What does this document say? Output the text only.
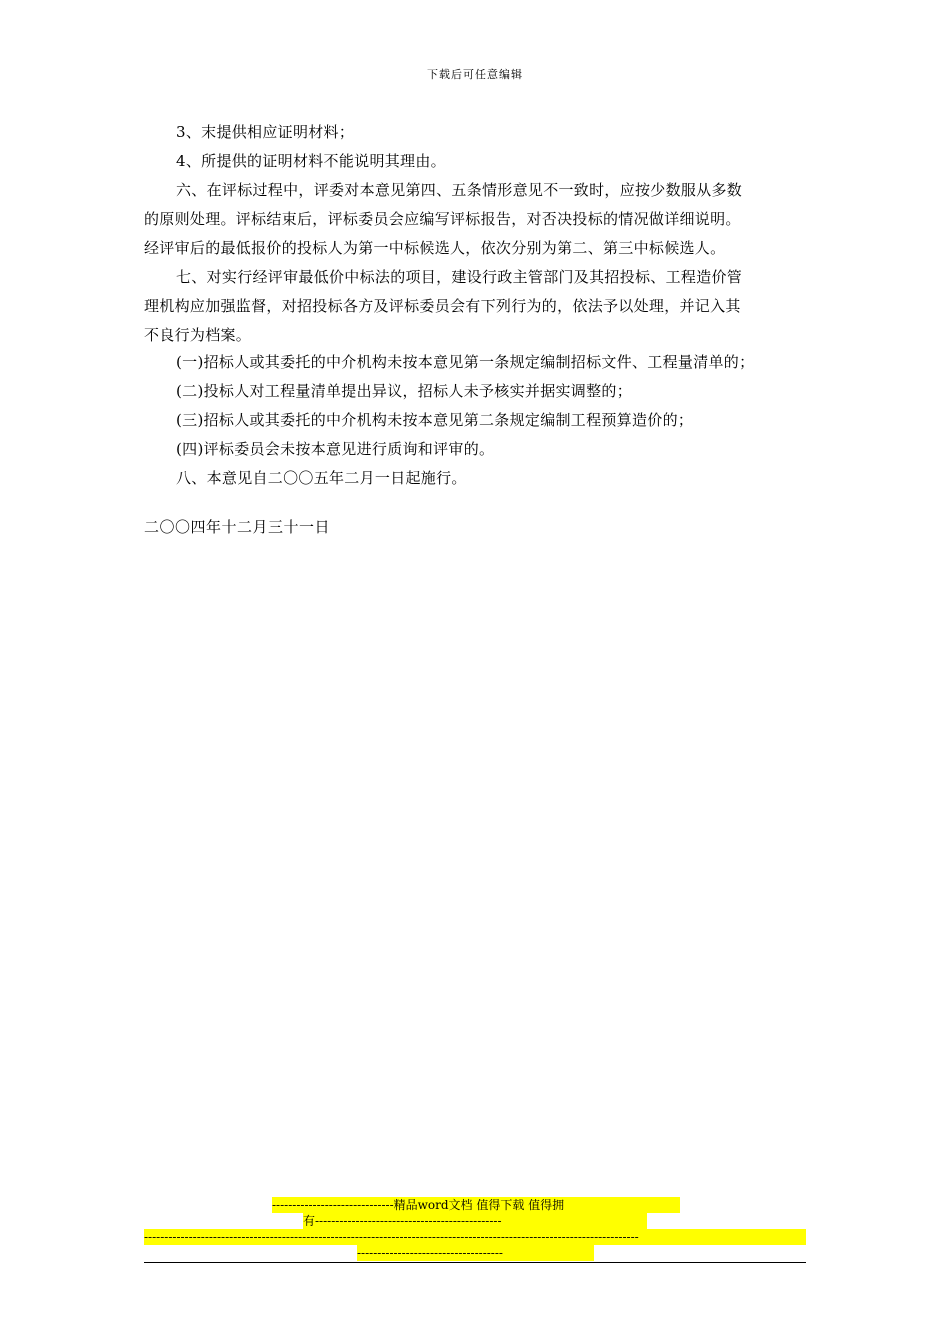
下载后可任意编辑

3、末提供相应证明材料；

4、所提供的证明材料不能说明其理由。

六、在评标过程中，评委对本意见第四、五条情形意见不一致时，应按少数服从多数
的原则处理。评标结束后，评标委员会应编写评标报告，对否决投标的情况做详细说明。
经评审后的最低报价的投标人为第一中标候选人，依次分别为第二、第三中标候选人。
七、对实行经评审最低价中标法的项目，建设行政主管部门及其招投标、工程造价管
理机构应加强监督，对招投标各方及评标委员会有下列行为的，依法予以处理，并记入其
不良行为档案。

(一)招标人或其委托的中介机构未按本意见第一条规定编制招标文件、工程量清单的；

(二)投标人对工程量清单提出异议，招标人未予核实并据实调整的；

(三)招标人或其委托的中介机构未按本意见第二条规定编制工程预算造价的；

(四)评标委员会未按本意见进行质询和评审的。

八、本意见自二〇〇五年二月一日起施行。

二〇〇四年十二月三十一日
------------------------------精品word文档 值得下载 值得拥
有----------------------------------------------
--------------------------------------------------------------------------------------------------------------------------
------------------------------------
